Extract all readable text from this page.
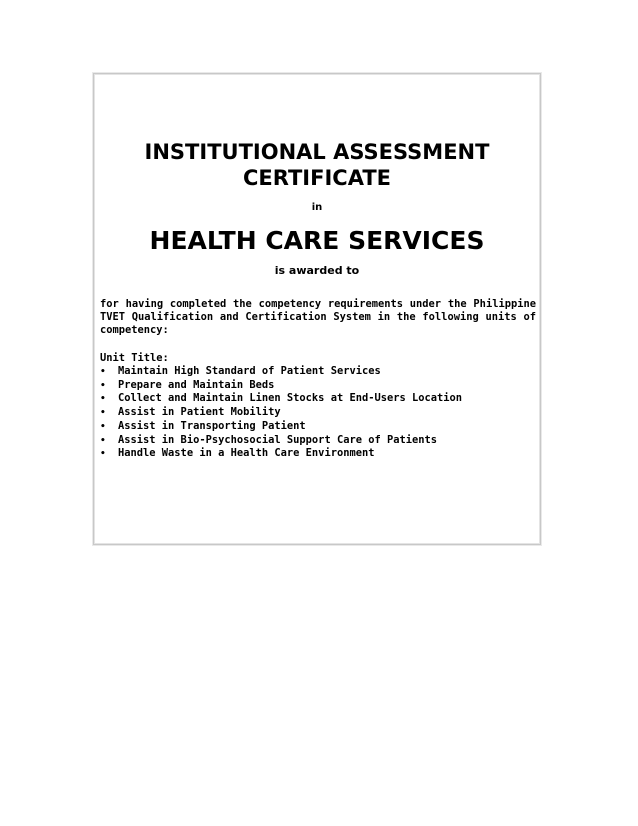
INSTITUTIONAL ASSESSMENT CERTIFICATE

in

HEALTH CARE SERVICES

is awarded to

for having completed the competency requirements under the Philippine TVET Qualification and Certification System in the following units of competency:

Unit Title:

•	Maintain High Standard of Patient Services
•	Prepare and Maintain Beds
•	Collect and Maintain Linen Stocks at End-Users Location
•	Assist in Patient Mobility
•	Assist in Transporting Patient
•	Assist in Bio-Psychosocial Support Care of Patients
•	Handle Waste in a Health Care Environment
